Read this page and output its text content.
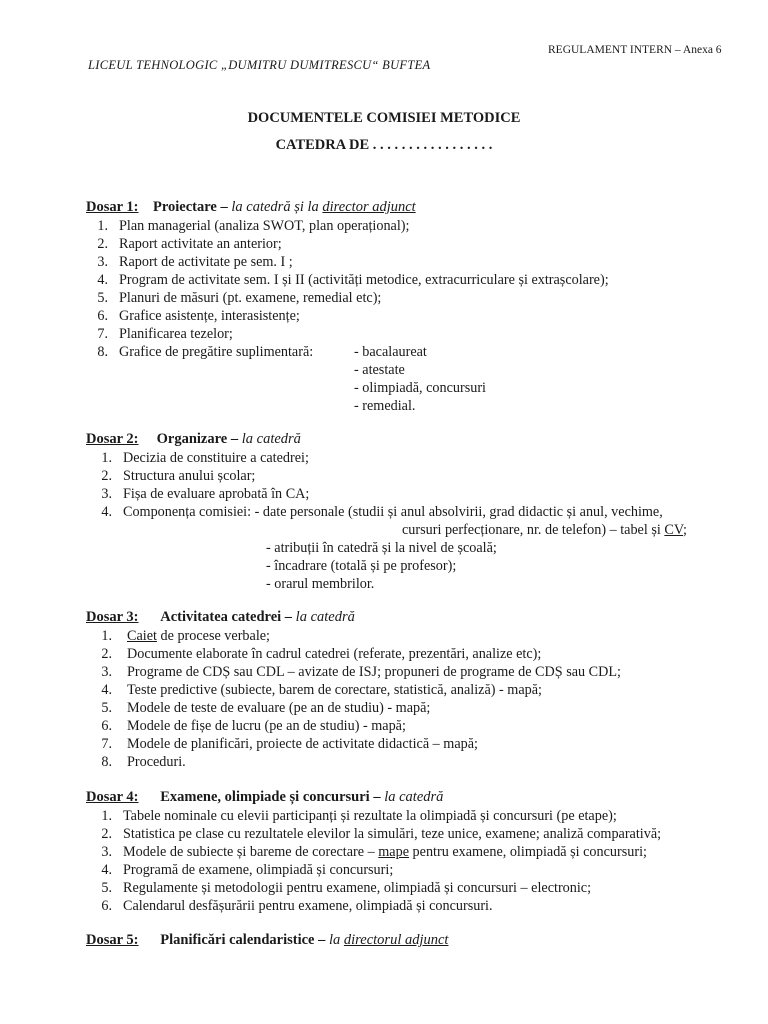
REGULAMENT INTERN – Anexa 6
LICEUL TEHNOLOGIC „DUMITRU DUMITRESCU“ BUFTEA
DOCUMENTELE COMISIEI METODICE
CATEDRA DE . . . . . . . . . . . . . . . . .
Dosar 1: Proiectare – la catedră și la director adjunct
1. Plan managerial (analiza SWOT, plan operațional);
2. Raport activitate an anterior;
3. Raport de activitate pe sem. I ;
4. Program de activitate sem. I și II (activități metodice, extracurriculare și extrașcolare);
5. Planuri de măsuri (pt. examene, remedial etc);
6. Grafice asistențe, interasistențe;
7. Planificarea tezelor;
8. Grafice de pregătire suplimentară:	- bacalaureat
- atestate
- olimpiadă, concursuri
- remedial.
Dosar 2: Organizare – la catedră
1. Decizia de constituire a catedrei;
2. Structura anului școlar;
3. Fișa de evaluare aprobată în CA;
4. Componența comisiei: - date personale (studii și anul absolvirii, grad didactic și anul, vechime,
cursuri perfecționare, nr. de telefon) – tabel și CV;
- atribuții în catedră și la nivel de școală;
- încadrare (totală și pe profesor);
- orarul membrilor.
Dosar 3: Activitatea catedrei – la catedră
1. Caiet de procese verbale;
2. Documente elaborate în cadrul catedrei (referate, prezentări, analize etc);
3. Programe de CDȘ sau CDL – avizate de ISJ; propuneri de programe de CDȘ sau CDL;
4. Teste predictive (subiecte, barem de corectare, statistică, analiză) - mapă;
5. Modele de teste de evaluare (pe an de studiu) - mapă;
6. Modele de fișe de lucru (pe an de studiu) - mapă;
7. Modele de planificări, proiecte de activitate didactică – mapă;
8. Proceduri.
Dosar 4: Examene, olimpiade și concursuri – la catedră
1. Tabele nominale cu elevii participanți și rezultate la olimpiadă și concursuri (pe etape);
2. Statistica pe clase cu rezultatele elevilor la simulări, teze unice, examene; analiză comparativă;
3. Modele de subiecte și bareme de corectare – mape pentru examene, olimpiadă și concursuri;
4. Programă de examene, olimpiadă și concursuri;
5. Regulamente și metodologii pentru examene, olimpiadă și concursuri – electronic;
6. Calendarul desfășurării pentru examene, olimpiadă și concursuri.
Dosar 5: Planificări calendaristice – la directorul adjunct
